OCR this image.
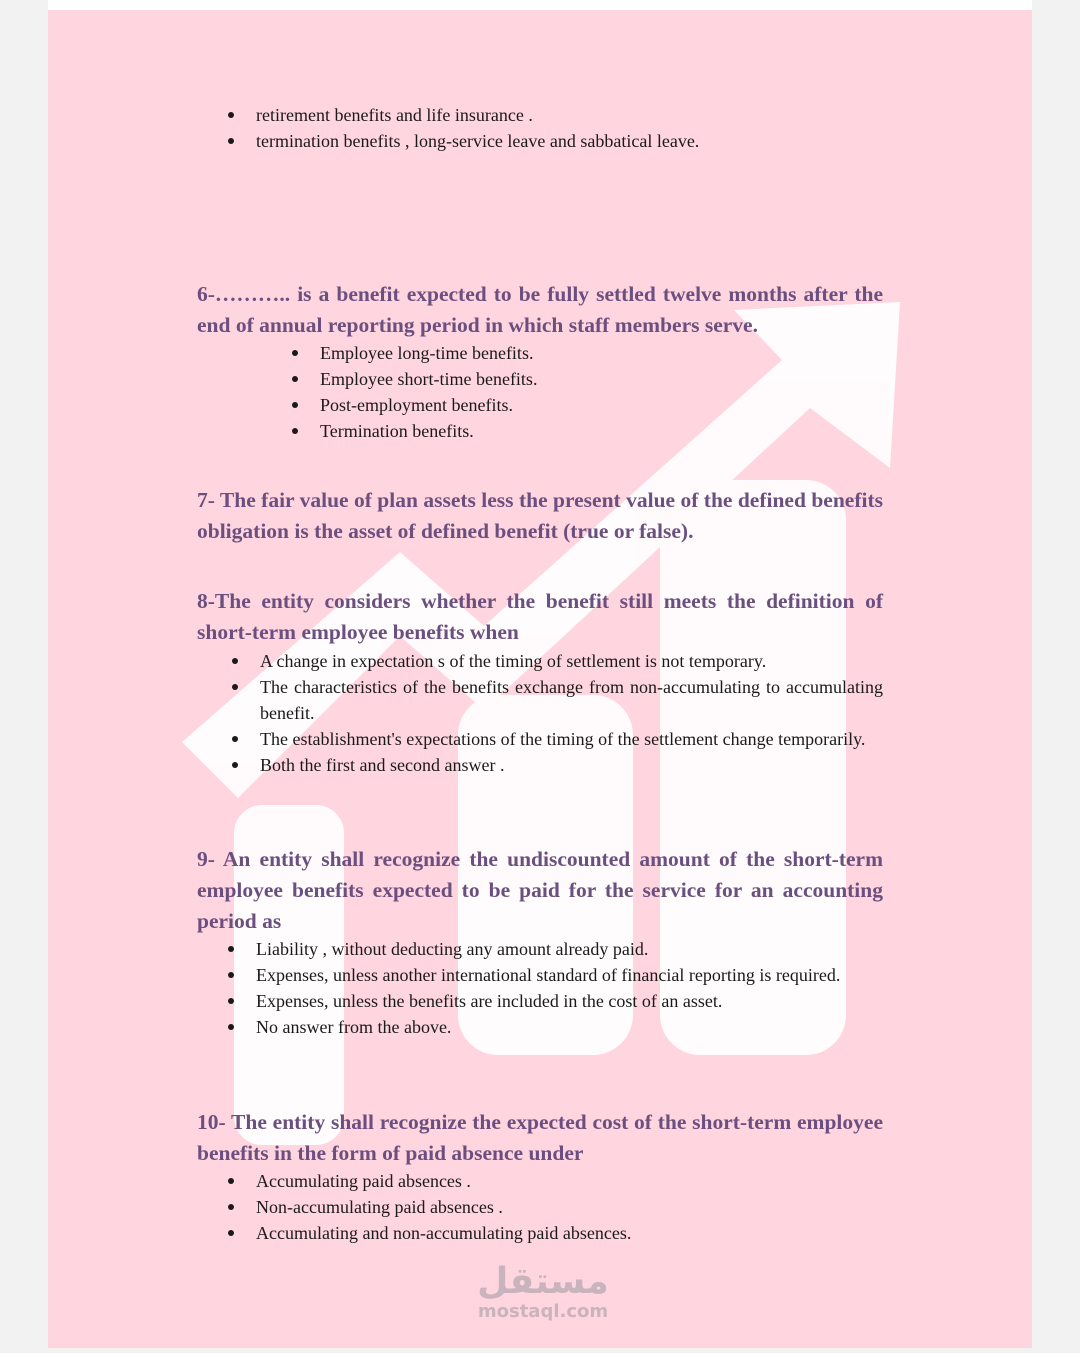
retirement benefits and life insurance .
termination benefits , long-service leave and sabbatical leave.

6-……….. is a benefit expected to be fully settled twelve months after the end of annual reporting period in which staff members serve.

Employee long-time benefits.
Employee short-time benefits.
Post-employment benefits.
Termination benefits.

7- The fair value of plan assets less the present value of the defined benefits obligation is the asset of defined benefit (true or false).

8-The entity considers whether the benefit still meets the definition of short-term employee benefits when

A change in expectation s of the timing of settlement is not temporary.
The characteristics of the benefits exchange from non-accumulating to accumulating benefit.
The establishment's expectations of the timing of the settlement change temporarily.
Both the first and second answer .

9- An entity shall recognize the undiscounted amount of the short-term employee benefits expected to be paid for the service for an accounting period as

Liability , without deducting any amount already paid.
Expenses, unless another international standard of financial reporting is required.
Expenses, unless the benefits are included in the cost of an asset.
No answer from the above.

10- The entity shall recognize the expected cost of the short-term employee benefits in the form of paid absence under

Accumulating paid absences .
Non-accumulating paid absences .
Accumulating and non-accumulating paid absences.
مستقل
mostaql.com
